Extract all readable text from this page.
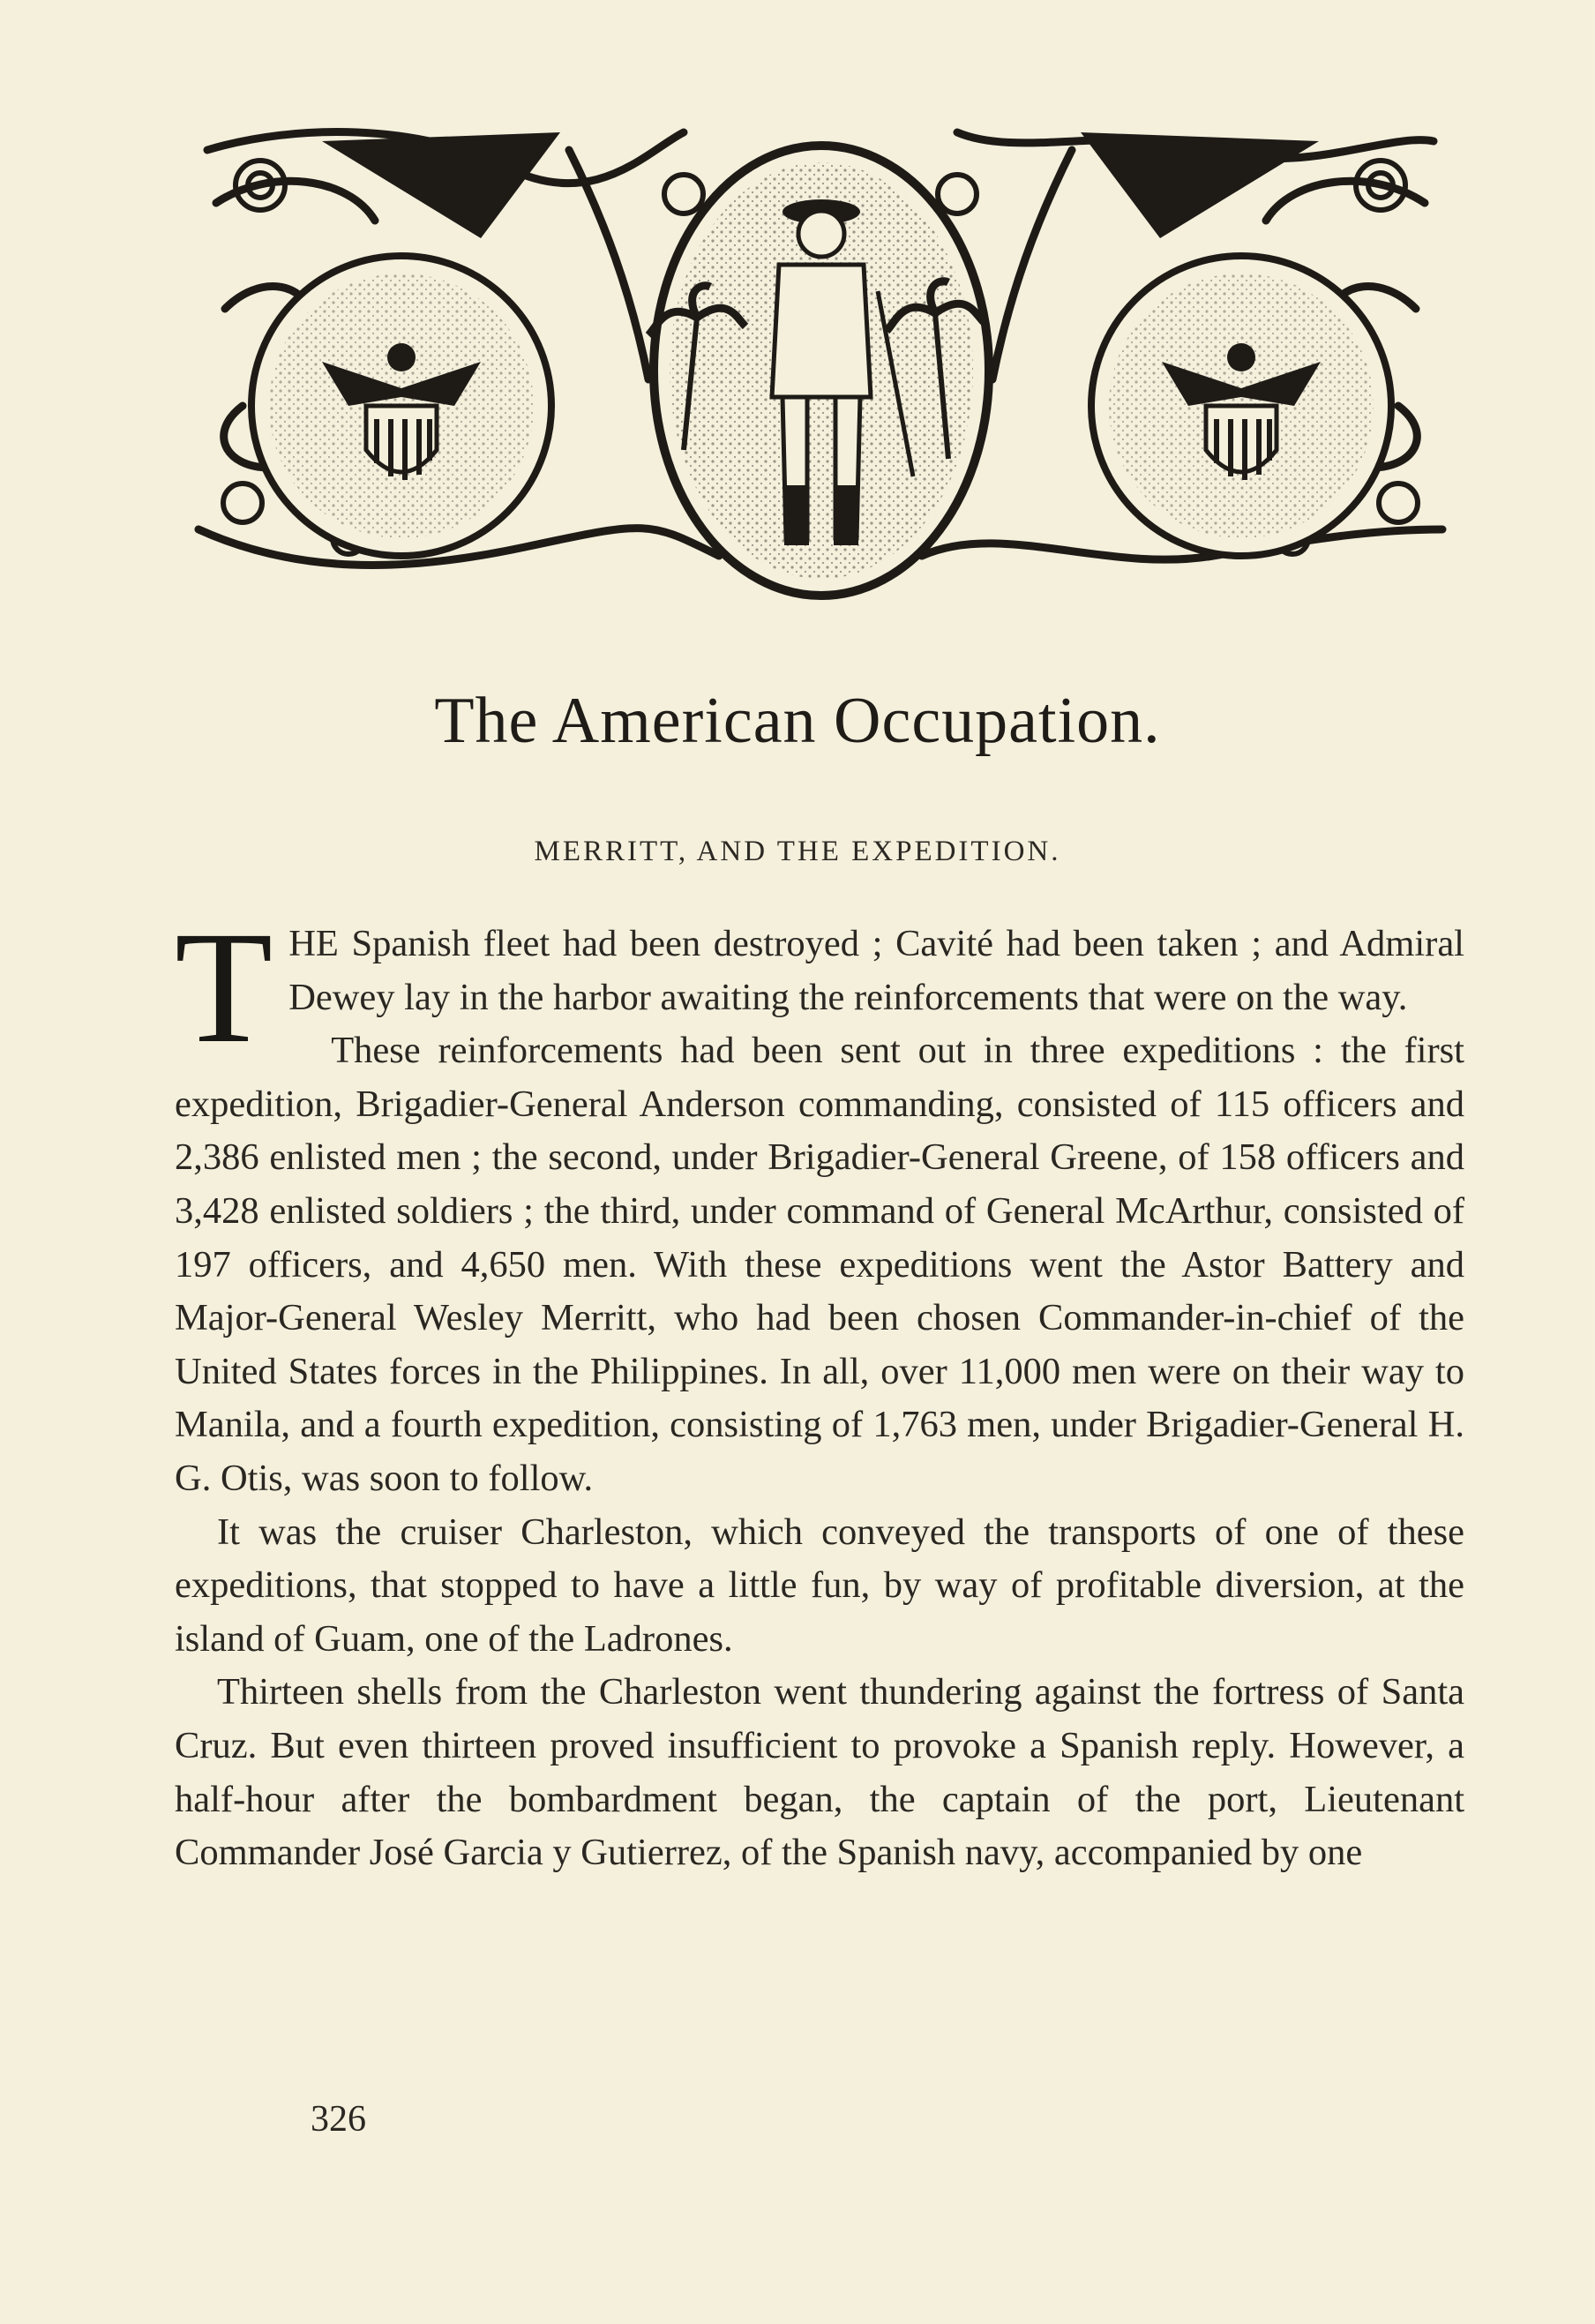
The American Occupation.
MERRITT, AND THE EXPEDITION.

THE Spanish fleet had been destroyed ; Cavité had been taken ; and Admiral Dewey lay in the harbor awaiting the reinforcements that were on the way.

These reinforcements had been sent out in three expeditions : the first expedition, Brigadier-General Anderson commanding, consisted of 115 officers and 2,386 enlisted men ; the second, under Brigadier-General Greene, of 158 officers and 3,428 enlisted soldiers ; the third, under command of General McArthur, consisted of 197 officers, and 4,650 men. With these expeditions went the Astor Battery and Major-General Wesley Merritt, who had been chosen Commander-in-chief of the United States forces in the Philippines. In all, over 11,000 men were on their way to Manila, and a fourth expedition, consisting of 1,763 men, under Brigadier-General H. G. Otis, was soon to follow.

It was the cruiser Charleston, which conveyed the transports of one of these expeditions, that stopped to have a little fun, by way of profitable diversion, at the island of Guam, one of the Ladrones.

Thirteen shells from the Charleston went thundering against the fortress of Santa Cruz. But even thirteen proved insufficient to provoke a Spanish reply. However, a half-hour after the bombardment began, the captain of the port, Lieutenant Commander José Garcia y Gutierrez, of the Spanish navy, accompanied by one

326
